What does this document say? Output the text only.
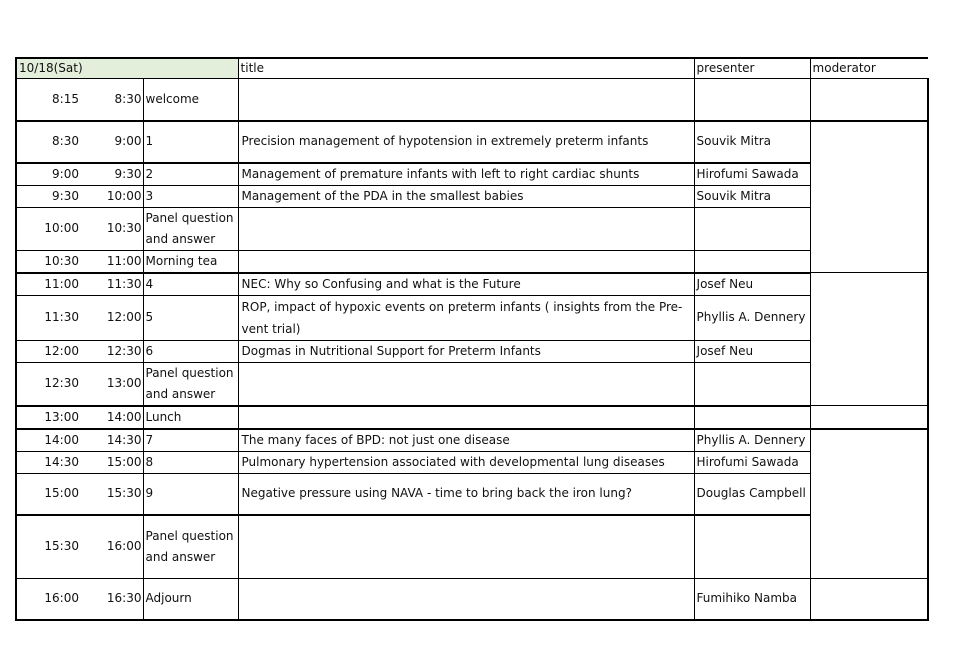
10/18(Sat)			title	presenter	moderator
8:15	8:30	welcome			
8:30	9:00	1	Precision management of hypotension in extremely preterm infants	Souvik Mitra	
9:00	9:30	2	Management of premature infants with left to right cardiac shunts	Hirofumi Sawada	
9:30	10:00	3	Management of the PDA in the smallest babies	Souvik Mitra	
10:00	10:30	Panel question and answer			
10:30	11:00	Morning tea			
11:00	11:30	4	NEC: Why so Confusing and what is the Future	Josef Neu	
11:30	12:00	5	ROP, impact of hypoxic events on preterm infants ( insights from the Pre-vent trial)	Phyllis A. Dennery	
12:00	12:30	6	Dogmas in Nutritional Support for Preterm Infants	Josef Neu	
12:30	13:00	Panel question and answer			
13:00	14:00	Lunch			
14:00	14:30	7	The many faces of BPD: not just one disease	Phyllis A. Dennery	
14:30	15:00	8	Pulmonary hypertension associated with developmental lung diseases	Hirofumi Sawada	
15:00	15:30	9	Negative pressure using NAVA - time to bring back the iron lung?	Douglas Campbell	
15:30	16:00	Panel question and answer			
16:00	16:30	Adjourn		Fumihiko Namba	
